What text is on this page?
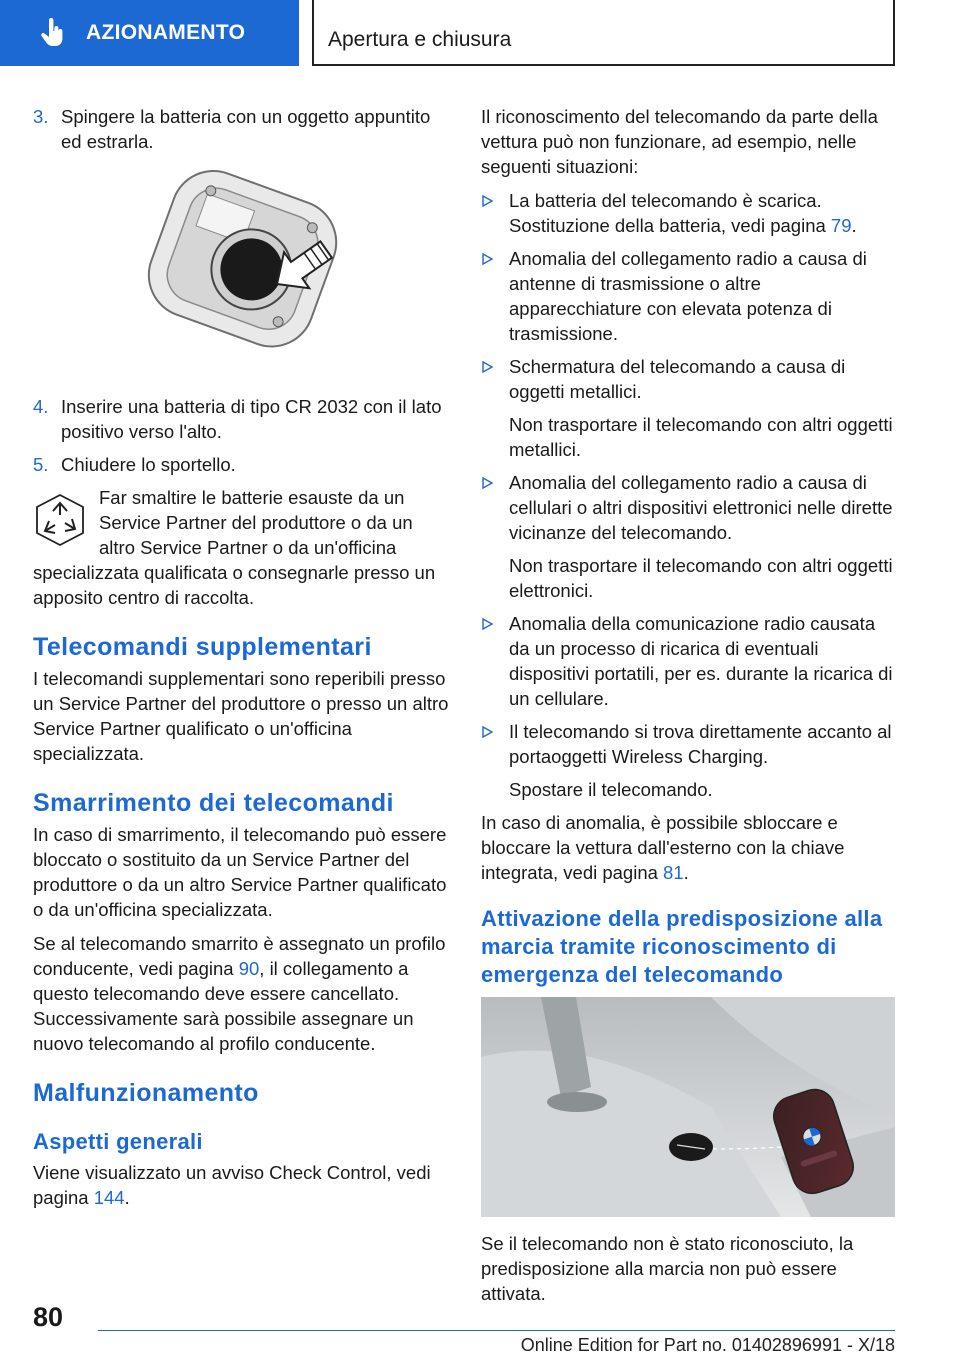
AZIONAMENTO	Apertura e chiusura
3. Spingere la batteria con un oggetto appuntito ed estrarla.
4. Inserire una batteria di tipo CR 2032 con il lato positivo verso l'alto.
5. Chiudere lo sportello.

Far smaltire le batterie esauste da un Service Partner del produttore o da un altro Service Partner o da un'officina specializzata qualificata o consegnarle presso un apposito centro di raccolta.

Telecomandi supplementari

I telecomandi supplementari sono reperibili presso un Service Partner del produttore o presso un altro Service Partner qualificato o un'officina specializzata.

Smarrimento dei telecomandi

In caso di smarrimento, il telecomando può essere bloccato o sostituito da un Service Partner del produttore o da un altro Service Partner qualificato o da un'officina specializzata.

Se al telecomando smarrito è assegnato un profilo conducente, vedi pagina 90, il collegamento a questo telecomando deve essere cancellato. Successivamente sarà possibile assegnare un nuovo telecomando al profilo conducente.

Malfunzionamento
Aspetti generali

Viene visualizzato un avviso Check Control, vedi pagina 144.

Il riconoscimento del telecomando da parte della vettura può non funzionare, ad esempio, nelle seguenti situazioni:

La batteria del telecomando è scarica. Sostituzione della batteria, vedi pagina 79.
Anomalia del collegamento radio a causa di antenne di trasmissione o altre apparecchiature con elevata potenza di trasmissione.
Schermatura del telecomando a causa di oggetti metallici.
Non trasportare il telecomando con altri oggetti metallici.
Anomalia del collegamento radio a causa di cellulari o altri dispositivi elettronici nelle dirette vicinanze del telecomando.
Non trasportare il telecomando con altri oggetti elettronici.
Anomalia della comunicazione radio causata da un processo di ricarica di eventuali dispositivi portatili, per es. durante la ricarica di un cellulare.
Il telecomando si trova direttamente accanto al portaoggetti Wireless Charging.
Spostare il telecomando.

In caso di anomalia, è possibile sbloccare e bloccare la vettura dall'esterno con la chiave integrata, vedi pagina 81.

Attivazione della predisposizione alla marcia tramite riconoscimento di emergenza del telecomando

Se il telecomando non è stato riconosciuto, la predisposizione alla marcia non può essere attivata.

80
Online Edition for Part no. 01402896991 - X/18
